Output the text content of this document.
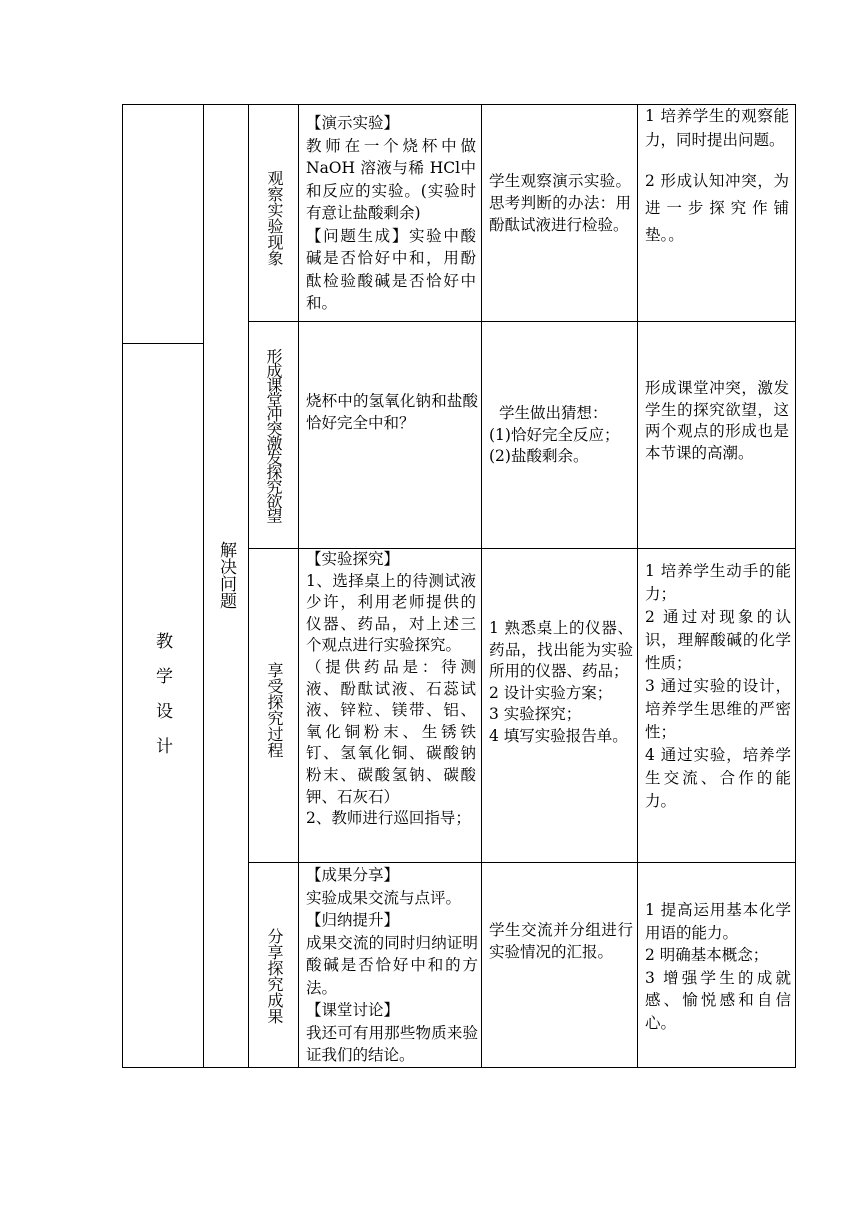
教学设计
解决问题
观察实验现象

【演示实验】

教师在一个烧杯中做NaOH 溶液与稀 HCl中和反应的实验。(实验时有意让盐酸剩余)

【问题生成】实验中酸碱是否恰好中和，用酚酞检验酸碱是否恰好中和。

学生观察演示实验。思考判断的办法：用酚酞试液进行检验。

1 培养学生的观察能力，同时提出问题。

2 形成认知冲突，为进一步探究作铺垫。。

形成课堂冲突激发探究欲望 烧杯中的氢氧化钠和盐酸恰好完全中和？

学生做出猜想：

(1)恰好完全反应；

(2)盐酸剩余。

形成课堂冲突，激发学生的探究欲望，这两个观点的形成也是本节课的高潮。

享受探究过程

【实验探究】

1、选择桌上的待测试液少许，利用老师提供的仪器、药品，对上述三个观点进行实验探究。

（提供药品是：待测液、酚酞试液、石蕊试液、锌粒、镁带、铝、氧化铜粉末、生锈铁钉、氢氧化铜、碳酸钠粉末、碳酸氢钠、碳酸钾、石灰石）

2、教师进行巡回指导；

1 熟悉桌上的仪器、药品，找出能为实验所用的仪器、药品；

2 设计实验方案；

3 实验探究；

4 填写实验报告单。

1 培养学生动手的能力；

2 通过对现象的认识，理解酸碱的化学性质；

3 通过实验的设计，培养学生思维的严密性；

4 通过实验，培养学生交流、合作的能力。

分享探究成果

【成果分享】

实验成果交流与点评。

【归纳提升】

成果交流的同时归纳证明酸碱是否恰好中和的方法。

【课堂讨论】

我还可有用那些物质来验证我们的结论。

学生交流并分组进行实验情况的汇报。

1 提高运用基本化学用语的能力。

2 明确基本概念；

3 增强学生的成就感、愉悦感和自信心。
